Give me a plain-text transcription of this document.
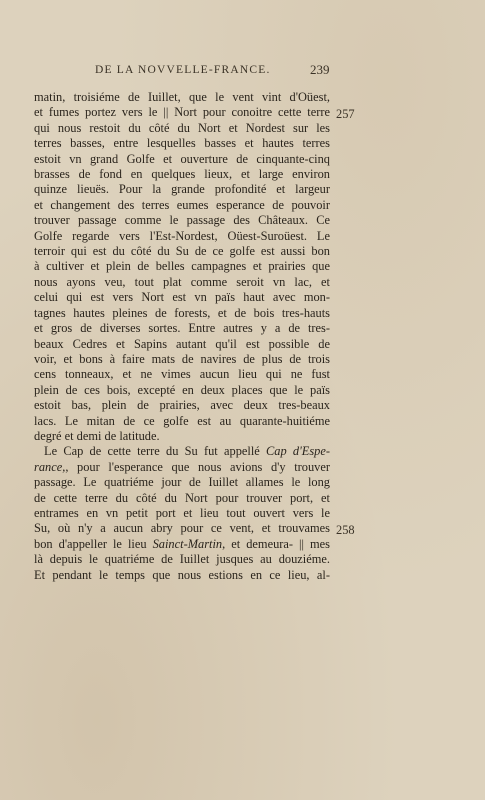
DE LA NOVVELLE-FRANCE.	239
257
258
matin, troisiéme de Iuillet, que le vent vint d'Oüest,
et fumes portez vers le || Nort pour conoitre cette terre
qui nous restoit du côté du Nort et Nordest sur les
terres basses, entre lesquelles basses et hautes terres
estoit vn grand Golfe et ouverture de cinquante-cinq
brasses de fond en quelques lieux, et large environ
quinze lieuës. Pour la grande profondité et largeur
et changement des terres eumes esperance de pouvoir
trouver passage comme le passage des Châteaux. Ce
Golfe regarde vers l'Est-Nordest, Oüest-Suroüest. Le
terroir qui est du côté du Su de ce golfe est aussi bon
à cultiver et plein de belles campagnes et prairies que
nous ayons veu, tout plat comme seroit vn lac, et
celui qui est vers Nort est vn païs haut avec mon-
tagnes hautes pleines de forests, et de bois tres-hauts
et gros de diverses sortes. Entre autres y a de tres-
beaux Cedres et Sapins autant qu'il est possible de
voir, et bons à faire mats de navires de plus de trois
cens tonneaux, et ne vimes aucun lieu qui ne fust
plein de ces bois, excepté en deux places que le païs
estoit bas, plein de prairies, avec deux tres-beaux
lacs. Le mitan de ce golfe est au quarante-huitiéme
degré et demi de latitude.
Le Cap de cette terre du Su fut appellé Cap d'Espe-
rance,, pour l'esperance que nous avions d'y trouver
passage. Le quatriéme jour de Iuillet allames le long
de cette terre du côté du Nort pour trouver port, et
entrames en vn petit port et lieu tout ouvert vers le
Su, où n'y a aucun abry pour ce vent, et trouvames
bon d'appeller le lieu Sainct-Martin, et demeura- || mes
là depuis le quatriéme de Iuillet jusques au douziéme.
Et pendant le temps que nous estions en ce lieu, al-
